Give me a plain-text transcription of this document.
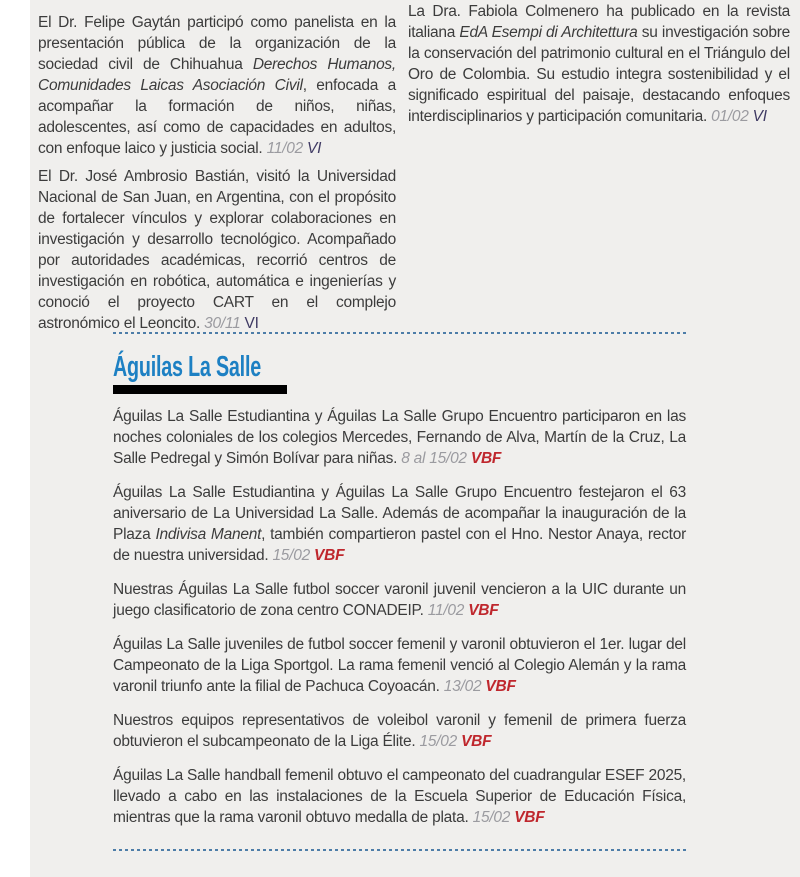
El Dr. Felipe Gaytán participó como panelista en la presentación pública de la organización de la sociedad civil de Chihuahua Derechos Humanos, Comunidades Laicas Asociación Civil, enfocada a acompañar la formación de niños, niñas, adolescentes, así como de capacidades en adultos, con enfoque laico y justicia social. 11/02 VI

El Dr. José Ambrosio Bastián, visitó la Universidad Nacional de San Juan, en Argentina, con el propósito de fortalecer vínculos y explorar colaboraciones en investigación y desarrollo tecnológico. Acompañado por autoridades académicas, recorrió centros de investigación en robótica, automática e ingenierías y conoció el proyecto CART en el complejo astronómico el Leoncito. 30/11 VI

La Dra. Fabiola Colmenero ha publicado en la revista italiana EdA Esempi di Architettura su investigación sobre la conservación del patrimonio cultural en el Triángulo del Oro de Colombia. Su estudio integra sostenibilidad y el significado espiritual del paisaje, destacando enfoques interdisciplinarios y participación comunitaria. 01/02 VI

Águilas La Salle

Águilas La Salle Estudiantina y Águilas La Salle Grupo Encuentro participaron en las noches coloniales de los colegios Mercedes, Fernando de Alva, Martín de la Cruz, La Salle Pedregal y Simón Bolívar para niñas. 8 al 15/02 VBF

Águilas La Salle Estudiantina y Águilas La Salle Grupo Encuentro festejaron el 63 aniversario de La Universidad La Salle. Además de acompañar la inauguración de la Plaza Indivisa Manent, también compartieron pastel con el Hno. Nestor Anaya, rector de nuestra universidad. 15/02 VBF

Nuestras Águilas La Salle futbol soccer varonil juvenil vencieron a la UIC durante un juego clasificatorio de zona centro CONADEIP. 11/02 VBF

Águilas La Salle juveniles de futbol soccer femenil y varonil obtuvieron el 1er. lugar del Campeonato de la Liga Sportgol. La rama femenil venció al Colegio Alemán y la rama varonil triunfo ante la filial de Pachuca Coyoacán. 13/02 VBF

Nuestros equipos representativos de voleibol varonil y femenil de primera fuerza obtuvieron el subcampeonato de la Liga Élite. 15/02 VBF

Águilas La Salle handball femenil obtuvo el campeonato del cuadrangular ESEF 2025, llevado a cabo en las instalaciones de la Escuela Superior de Educación Física, mientras que la rama varonil obtuvo medalla de plata. 15/02 VBF
